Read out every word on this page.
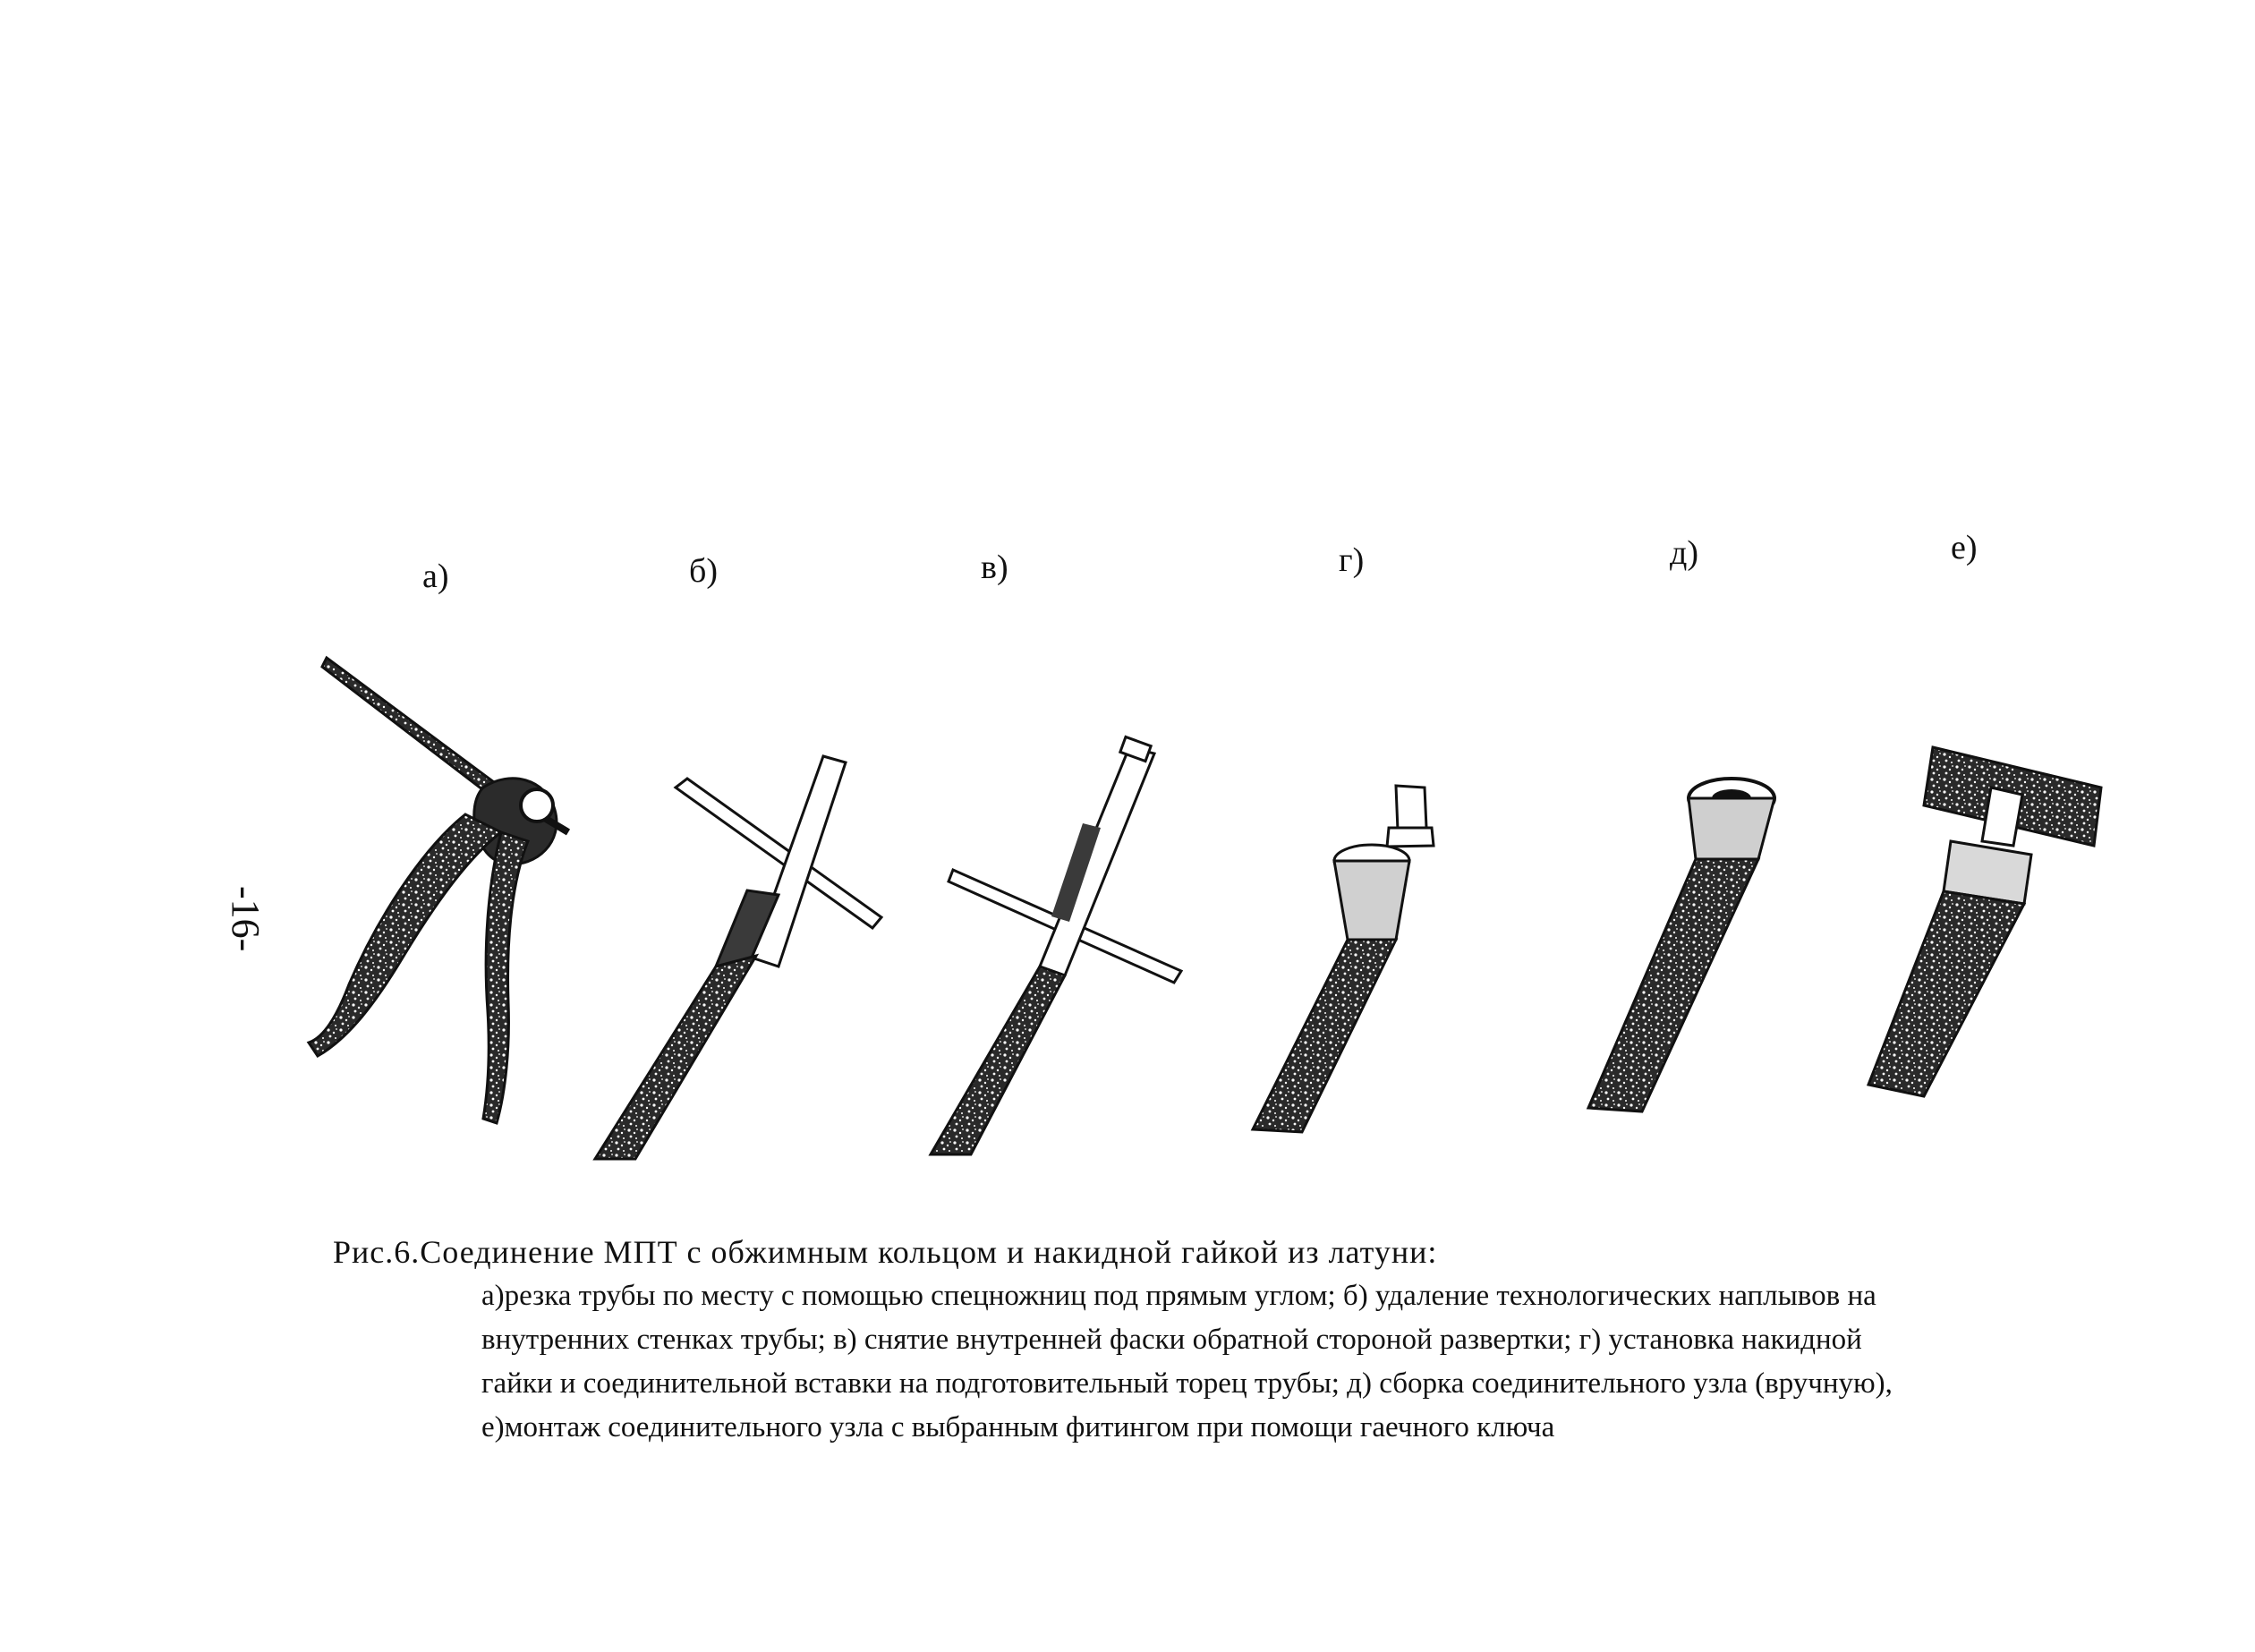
-16-
а)	б)	в)	г)	д)	е)
Рис.6.Соединение МПТ с обжимным кольцом и накидной гайкой из латуни:
а)резка трубы по месту с помощью спецножниц под прямым углом; б) удаление технологических наплывов на
внутренних стенках трубы; в) снятие внутренней фаски обратной стороной развертки; г) установка накидной
гайки и соединительной вставки на подготовительный торец трубы; д) сборка соединительного узла (вручную),
е)монтаж соединительного узла с выбранным фитингом при помощи гаечного ключа
